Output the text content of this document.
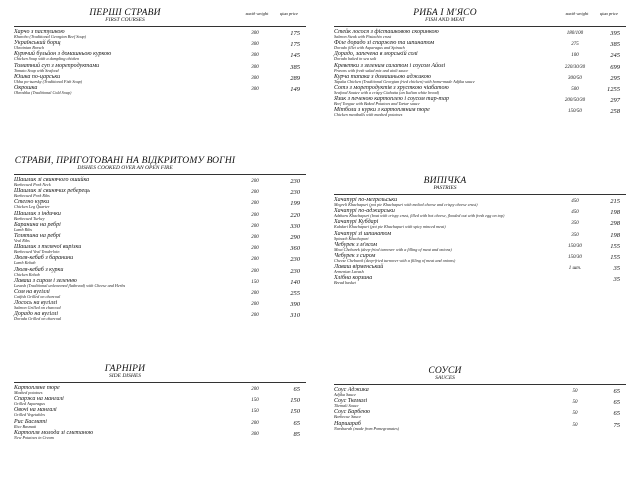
ПЕРШІ СТРАВИ
FIRST COURSES
вихід weight	ціна price
Харчо з пастушкою
Kharcho (Traditional Georgian Beef Soup)
300	175
Український борщ
Ukrainian Borsch
300	175
Курячий бульйон з домашньою куркою
Chicken Soup with a dumpling chicken
300	145
Томатний суп з морепродуктами
Tomato Soup with Seafood
300	385
Юшка по-царськи
Ukha po-tsarsky (Traditional Fish Soup)
300	289
Окрошка
Okroshka (Traditional Cold Soup)
300	149
СТРАВИ, ПРИГОТОВАНІ НА ВІДКРИТОМУ ВОГНІ
DISHES COOKED OVER AN OPEN FIRE
Шашлик зі свинячого ошийка
Barbecued Pork Neck
200	230
Шашлик зі свинячих реберець
Barbecued Pork Ribs
200	230
Стегно курки
Chicken Leg Quarter
200	199
Шашлик з індички
Barbecued Turkey
200	220
Баранина на ребрі
Lamb Ribs
200	330
Телятина на ребрі
Veal Ribs
200	290
Шашлик з телячої вирізки
Barbecued Veal Tenderloin
200	360
Люля-кебаб з баранини
Lamb Kebab
200	230
Люля-кебаб з курки
Chicken Kebab
200	230
Лаваш з сиром і зеленню
Lavash (Traditional unleavened flatbread) with Cheese and Herbs
150	140
Сом на вугіллі
Catfish Grilled on charcoal
200	255
Лосось на вугіллі
Salmon Grilled on charcoal
200	390
Дорадо на вугіллі
Dorada Grilled on charcoal
200	310
ГАРНІРИ
SIDE DISHES
Картопляне пюре
Mashed potatoes
200	65
Спаржа на мангалі
Grilled Asparagus
150	150
Овочі на мангалі
Grilled Vegetables
150	150
Рис Басматі
Rice Basmati
200	65
Картопля молода зі сметаною
New Potatoes in Cream
300	85
РИБА І М'ЯСО
FISH AND MEAT
вихід weight	ціна price
Стейк лосося з фісташковою скоринкою
Salmon Steak with Pistachio crust
180/100	395
Філе дорадо зі спаржею та шпинатом
Dorado fillet with Asparagus and Spinach
275	385
Дорадо, запечена в морській солі
Dorado baked in sea salt
100	245
Креветки з зеленим салатом і соусом Айолі
Prawns with fresh salad mix and aioli sauce
220/30/30	699
Курча тапака з домашньою аджикою
Tapaka Chicken (Traditional Georgian fried chicken) with home-made Adjika sauce
300/50	295
Сотэ з морепродуктів з хрусткою чіабатою
Seafood Sautee with a crispy Ciabatta (an Italian white bread)
500	1255
Язик з печеною картоплею і соусом тар-тар
Beef Tongue with Baked Potatoes and Tartar sauce
200/50/30	297
Мітболи з курки з картопляним пюре
Chicken meatballs with mashed potatoes
150/50	258
ВИПІЧКА
PASTRIES
Хачапурі по-мегрельськи
Megreli Khachapuri (pot pie Khachapuri with melted cheese and crispy cheese crust)
450	215
Хачапурі по-аджарськи
Adzharu Khachapuri (boat with crispy crust, filled with hot cheese, flooded out with fresh egg on top)
450	198
Хачапурі Кубдарі
Kubdari Khachapuri (pot pie Khachapuri with spicy minced meat)
350	298
Хачапурі зі шпинатом
Spinach Khachapuri
350	198
Чебурек з м'ясом
Meat Cheburek (deep-fried turnover with a filling of meat and onions)
150/30	155
Чебурек з сиром
Cheese Cheburek (deep-fried turnover with a filling of meat and onions)
150/30	155
Лаваш вірменський
Armenian Lavash
1 шт.	35
Хлібна корзина
Bread basket	35
СОУСИ
SAUCES
Соус Аджика
Adjika Sauce
50	65
Соус Ткемалі
Tkemali Sauce
50	65
Соус Барбекю
Barbecue Sauce
50	65
Наршараб
Narsharab (made from Pomegranates)
50	75
